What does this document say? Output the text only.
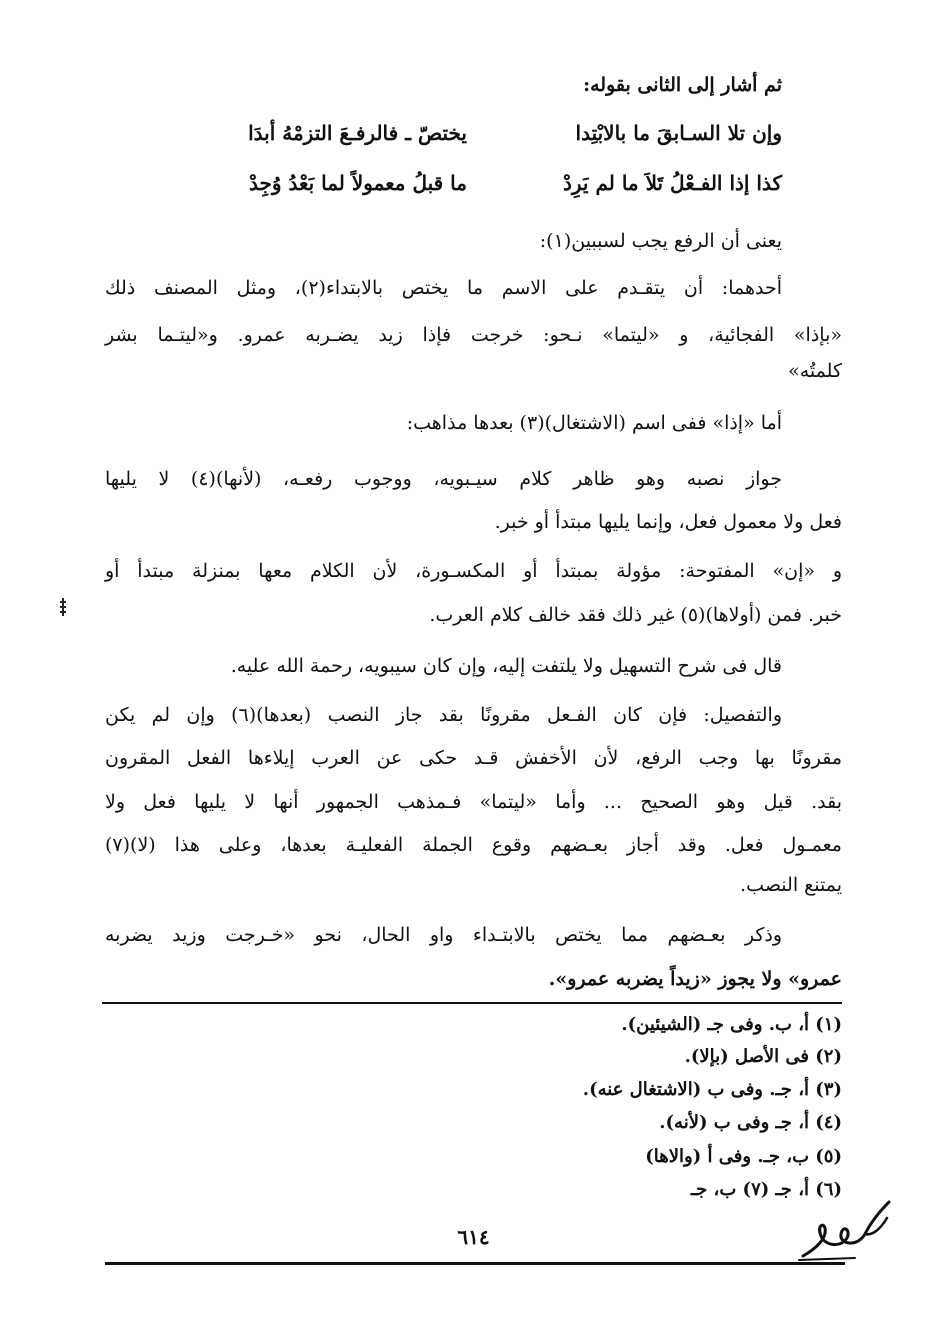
ثم أشار إلى الثانى بقوله:
وإن تلا السـابقَ ما بالابْتِدا
يختصّ ـ فالرفـعَ التزمْهُ أبدَا
كذا إذا الفـعْلُ تَلاَ ما لم يَرِدْ
ما قبلُ معمولاً لما بَعْدُ وُجِدْ
يعنى أن الرفع يجب لسببين(١):
أحدهما: أن يتقـدم على الاسم ما يختص بالابتداء(٢)، ومثل المصنف ذلك
«بإذا» الفجائية، و «ليتما» نـحو: خرجت فإذا زيد يضـربه عمرو. و«ليتـما بشر
كلمتُه»
أما «إذا» ففى اسم (الاشتغال)(٣) بعدها مذاهب:
جواز نصبه وهو ظاهر كلام سيـبويه، ووجوب رفعـه، (لأنها)(٤) لا يليها
فعل ولا معمول فعل، وإنما يليها مبتدأ أو خبر.
و «إن» المفتوحة: مؤولة بمبتدأ أو المكسـورة، لأن الكلام معها بمنزلة مبتدأ أو
خبر. فمن (أولاها)(٥) غير ذلك فقد خالف كلام العرب.
قال فى شرح التسهيل ولا يلتفت إليه، وإن كان سيبويه، رحمة الله عليه.
والتفصيل: فإن كان الفـعل مقرونًا بقد جاز النصب (بعدها)(٦) وإن لم يكن
مقرونًا بها وجب الرفع، لأن الأخفش قـد حكى عن العرب إيلاءها الفعل المقرون
بقد. قيل وهو الصحيح ... وأما «ليتما» فـمذهب الجمهور أنها لا يليها فعل ولا
معمـول فعل. وقد أجاز بعـضهم وقوع الجملة الفعليـة بعدها، وعلى هذا (لا)(٧)
يمتنع النصب.
وذكر بعـضهم مما يختص بالابتـداء واو الحال، نحو «خـرجت وزيد يضربه
عمرو» ولا يجوز «زيداً يضربه عمرو».
(١) أ، ب. وفى جـ (الشيئين).
(٢) فى الأصل (بإلا).
(٣) أ، جـ. وفى ب (الاشتغال عنه).
(٤) أ، جـ وفى ب (لأنه).
(٥) ب، جـ. وفى أ (والاها)
(٦) أ، جـ (٧) ب، جـ
٦١٤
